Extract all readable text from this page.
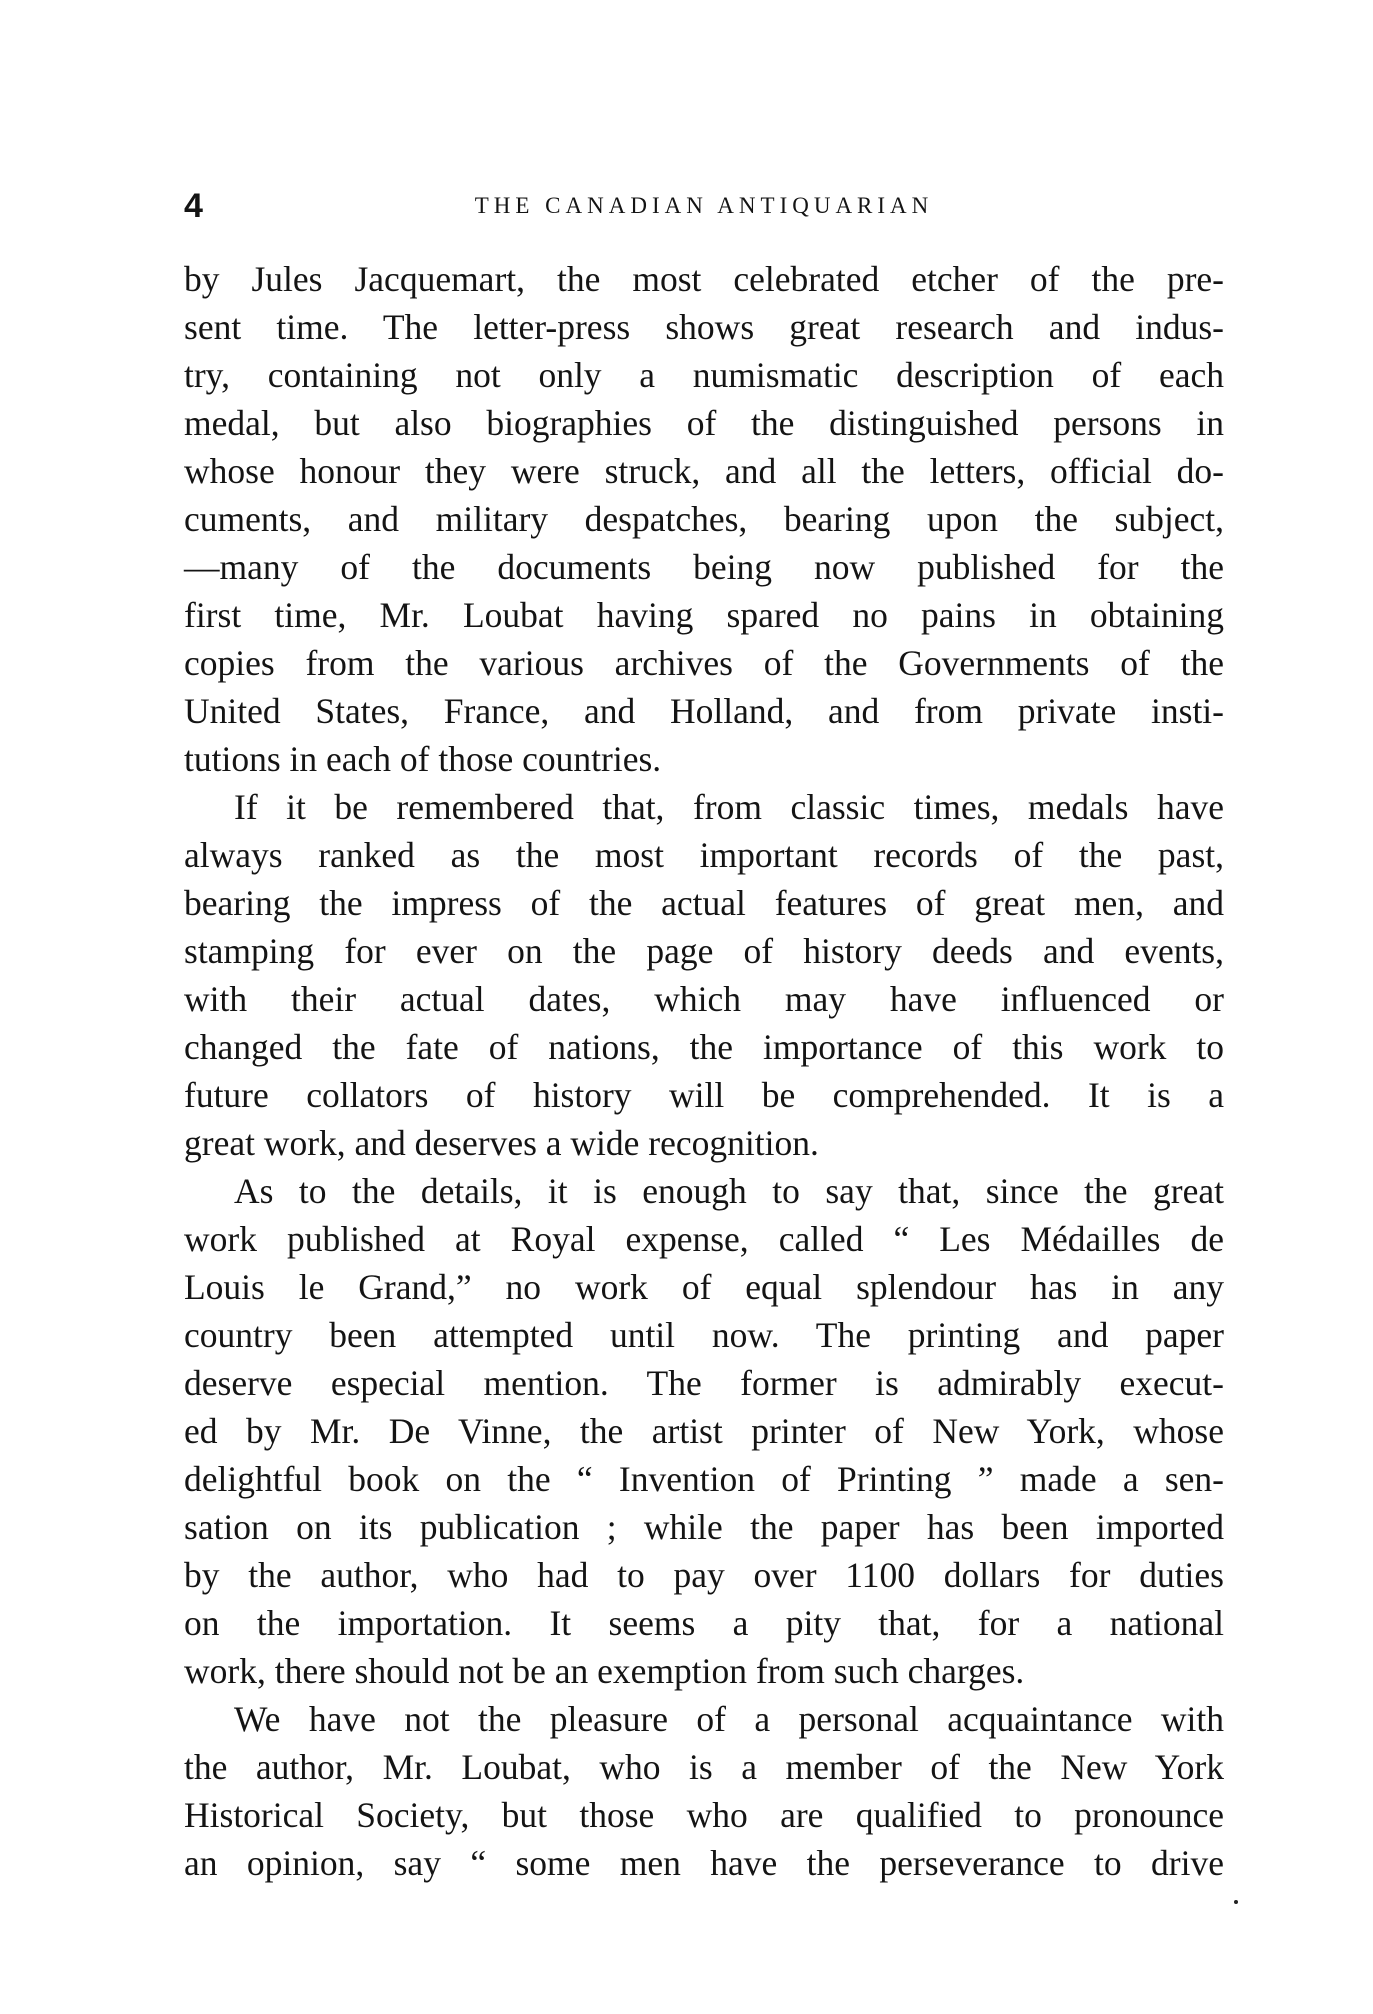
4	THE CANADIAN ANTIQUARIAN

by Jules Jacquemart, the most celebrated etcher of the pre-
sent time. The letter-press shows great research and indus-
try, containing not only a numismatic description of each
medal, but also biographies of the distinguished persons in
whose honour they were struck, and all the letters, official do-
cuments, and military despatches, bearing upon the subject,
—many of the documents being now published for the
first time, Mr. Loubat having spared no pains in obtaining
copies from the various archives of the Governments of the
United States, France, and Holland, and from private insti-
tutions in each of those countries.

If it be remembered that, from classic times, medals have
always ranked as the most important records of the past,
bearing the impress of the actual features of great men, and
stamping for ever on the page of history deeds and events,
with their actual dates, which may have influenced or
changed the fate of nations, the importance of this work to
future collators of history will be comprehended. It is a
great work, and deserves a wide recognition.

As to the details, it is enough to say that, since the great
work published at Royal expense, called “ Les Médailles de
Louis le Grand,” no work of equal splendour has in any
country been attempted until now. The printing and paper
deserve especial mention. The former is admirably execut-
ed by Mr. De Vinne, the artist printer of New York, whose
delightful book on the “ Invention of Printing ” made a sen-
sation on its publication ; while the paper has been imported
by the author, who had to pay over 1100 dollars for duties
on the importation. It seems a pity that, for a national
work, there should not be an exemption from such charges.

We have not the pleasure of a personal acquaintance with
the author, Mr. Loubat, who is a member of the New York
Historical Society, but those who are qualified to pronounce
an opinion, say “ some men have the perseverance to drive
